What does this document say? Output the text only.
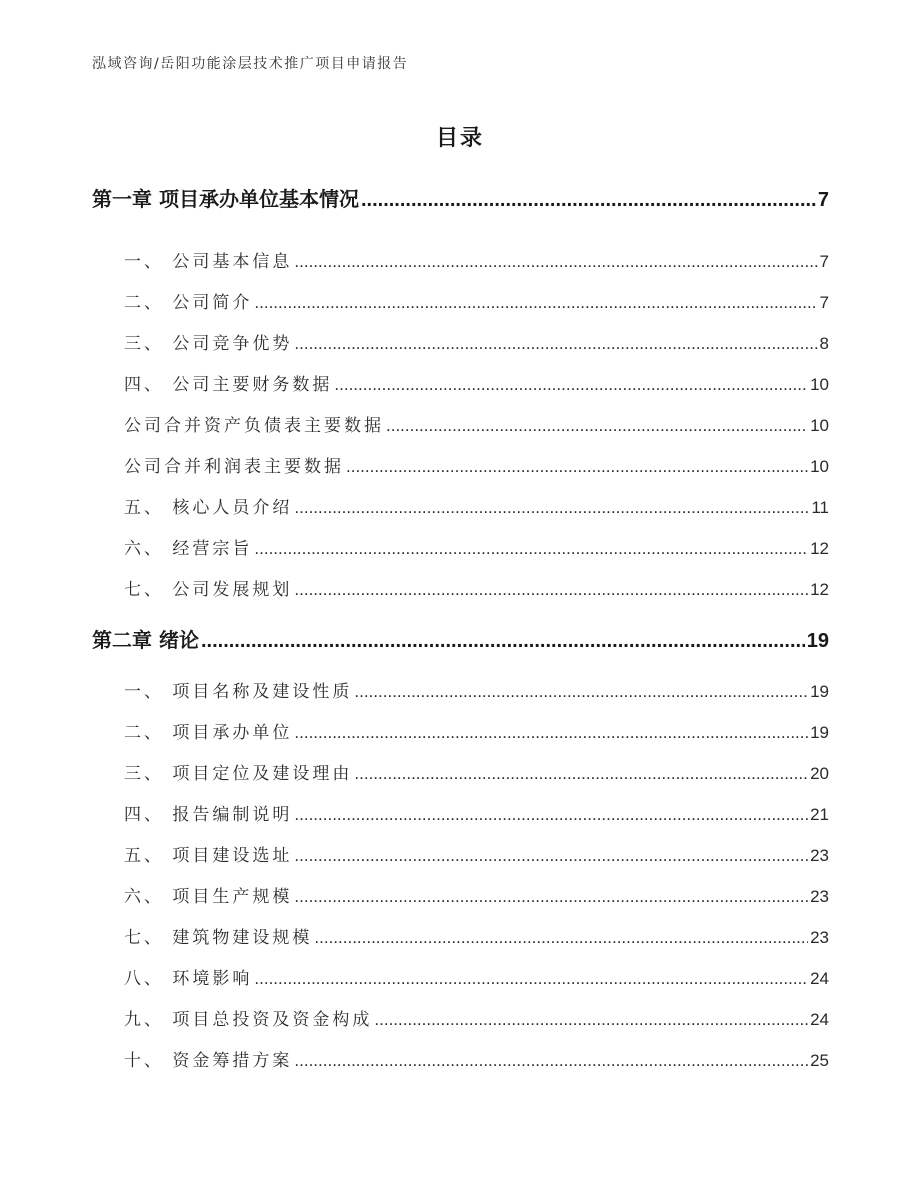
泓域咨询/岳阳功能涂层技术推广项目申请报告
目录
第一章 项目承办单位基本情况 .....	7
一、 公司基本信息 .....	7
二、 公司简介 .....	7
三、 公司竞争优势 .....	8
四、 公司主要财务数据 .....	10
公司合并资产负债表主要数据 .....	10
公司合并利润表主要数据 .....	10
五、 核心人员介绍 .....	11
六、 经营宗旨 .....	12
七、 公司发展规划 .....	12
第二章 绪论 .....	19
一、 项目名称及建设性质 .....	19
二、 项目承办单位 .....	19
三、 项目定位及建设理由 .....	20
四、 报告编制说明 .....	21
五、 项目建设选址 .....	23
六、 项目生产规模 .....	23
七、 建筑物建设规模 .....	23
八、 环境影响 .....	24
九、 项目总投资及资金构成 .....	24
十、 资金筹措方案 .....	25
